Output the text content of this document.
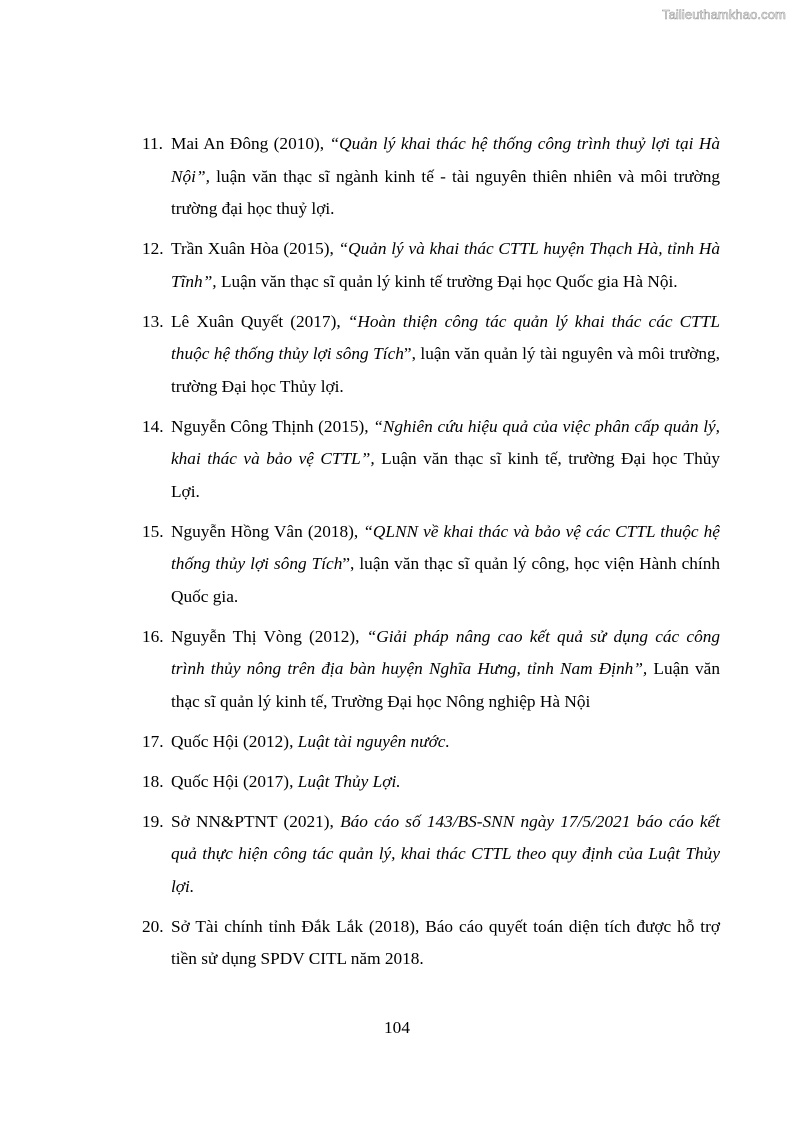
Tailieuthamkhao.com
11. Mai An Đông (2010), “Quản lý khai thác hệ thống công trình thuỷ lợi tại Hà Nội”, luận văn thạc sĩ ngành kinh tế - tài nguyên thiên nhiên và môi trường trường đại học thuỷ lợi.
12. Trần Xuân Hòa (2015), “Quản lý và khai thác CTTL huyện Thạch Hà, tỉnh Hà Tĩnh”, Luận văn thạc sĩ quản lý kinh tế trường Đại học Quốc gia Hà Nội.
13. Lê Xuân Quyết (2017), “Hoàn thiện công tác quản lý khai thác các CTTL thuộc hệ thống thủy lợi sông Tích”, luận văn quản lý tài nguyên và môi trường, trường Đại học Thủy lợi.
14. Nguyễn Công Thịnh (2015), “Nghiên cứu hiệu quả của việc phân cấp quản lý, khai thác và bảo vệ CTTL”, Luận văn thạc sĩ kinh tế, trường Đại học Thủy Lợi.
15. Nguyễn Hồng Vân (2018), “QLNN về khai thác và bảo vệ các CTTL thuộc hệ thống thủy lợi sông Tích”, luận văn thạc sĩ quản lý công, học viện Hành chính Quốc gia.
16. Nguyễn Thị Vòng (2012), “Giải pháp nâng cao kết quả sử dụng các công trình thủy nông trên địa bàn huyện Nghĩa Hưng, tỉnh Nam Định”, Luận văn thạc sĩ quản lý kinh tế, Trường Đại học Nông nghiệp Hà Nội
17. Quốc Hội (2012), Luật tài nguyên nước.
18. Quốc Hội (2017), Luật Thủy Lợi.
19. Sở NN&PTNT (2021), Báo cáo số 143/BS-SNN ngày 17/5/2021 báo cáo kết quả thực hiện công tác quản lý, khai thác CTTL theo quy định của Luật Thủy lợi.
20. Sở Tài chính tỉnh Đắk Lắk (2018), Báo cáo quyết toán diện tích được hỗ trợ tiền sử dụng SPDV CITL năm 2018.
104
